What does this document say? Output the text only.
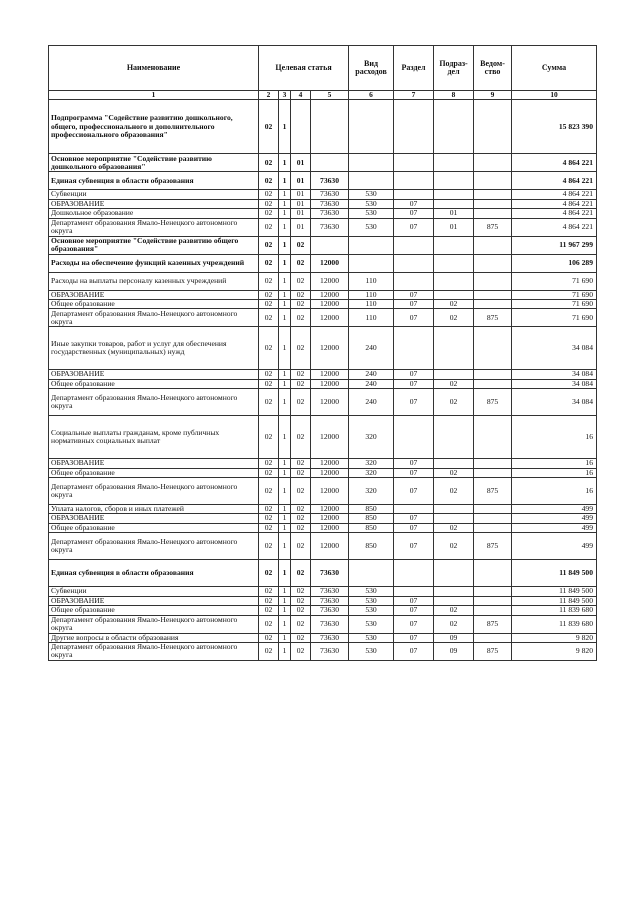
Наименование	Целевая статья				Вид расходов	Раздел	Подраз-дел	Ведом-ство	Сумма
1	2	3	4	5	6	7	8	9	10
Подпрограмма "Содействие развитию дошкольного, общего, профессионального и дополнительного профессионального образования"	02	1							15 823 390
Основное мероприятие "Содействие развитию дошкольного образования"	02	1	01						4 864 221
Единая субвенция в области образования	02	1	01	73630					4 864 221
Субвенции	02	1	01	73630	530				4 864 221
ОБРАЗОВАНИЕ	02	1	01	73630	530	07			4 864 221
Дошкольное образование	02	1	01	73630	530	07	01		4 864 221
Департамент образования Ямало-Ненецкого автономного округа	02	1	01	73630	530	07	01	875	4 864 221
Основное мероприятие "Содействие развитию общего образования"	02	1	02						11 967 299
Расходы на обеспечение функций казенных учреждений	02	1	02	12000					106 289
Расходы на выплаты персоналу казенных учреждений	02	1	02	12000	110				71 690
ОБРАЗОВАНИЕ	02	1	02	12000	110	07			71 690
Общее образование	02	1	02	12000	110	07	02		71 690
Департамент образования Ямало-Ненецкого автономного округа	02	1	02	12000	110	07	02	875	71 690
Иные закупки товаров, работ и услуг для обеспечения государственных (муниципальных) нужд	02	1	02	12000	240				34 084
ОБРАЗОВАНИЕ	02	1	02	12000	240	07			34 084
Общее образование	02	1	02	12000	240	07	02		34 084
Департамент образования Ямало-Ненецкого автономного округа	02	1	02	12000	240	07	02	875	34 084
Социальные выплаты гражданам, кроме публичных нормативных социальных выплат	02	1	02	12000	320				16
ОБРАЗОВАНИЕ	02	1	02	12000	320	07			16
Общее образование	02	1	02	12000	320	07	02		16
Департамент образования Ямало-Ненецкого автономного округа	02	1	02	12000	320	07	02	875	16
Уплата налогов, сборов и иных платежей	02	1	02	12000	850				499
ОБРАЗОВАНИЕ	02	1	02	12000	850	07			499
Общее образование	02	1	02	12000	850	07	02		499
Департамент образования Ямало-Ненецкого автономного округа	02	1	02	12000	850	07	02	875	499
Единая субвенция в области образования	02	1	02	73630					11 849 500
Субвенции	02	1	02	73630	530				11 849 500
ОБРАЗОВАНИЕ	02	1	02	73630	530	07			11 849 500
Общее образование	02	1	02	73630	530	07	02		11 839 680
Департамент образования Ямало-Ненецкого автономного округа	02	1	02	73630	530	07	02	875	11 839 680
Другие вопросы в области образования	02	1	02	73630	530	07	09		9 820
Департамент образования Ямало-Ненецкого автономного округа	02	1	02	73630	530	07	09	875	9 820
